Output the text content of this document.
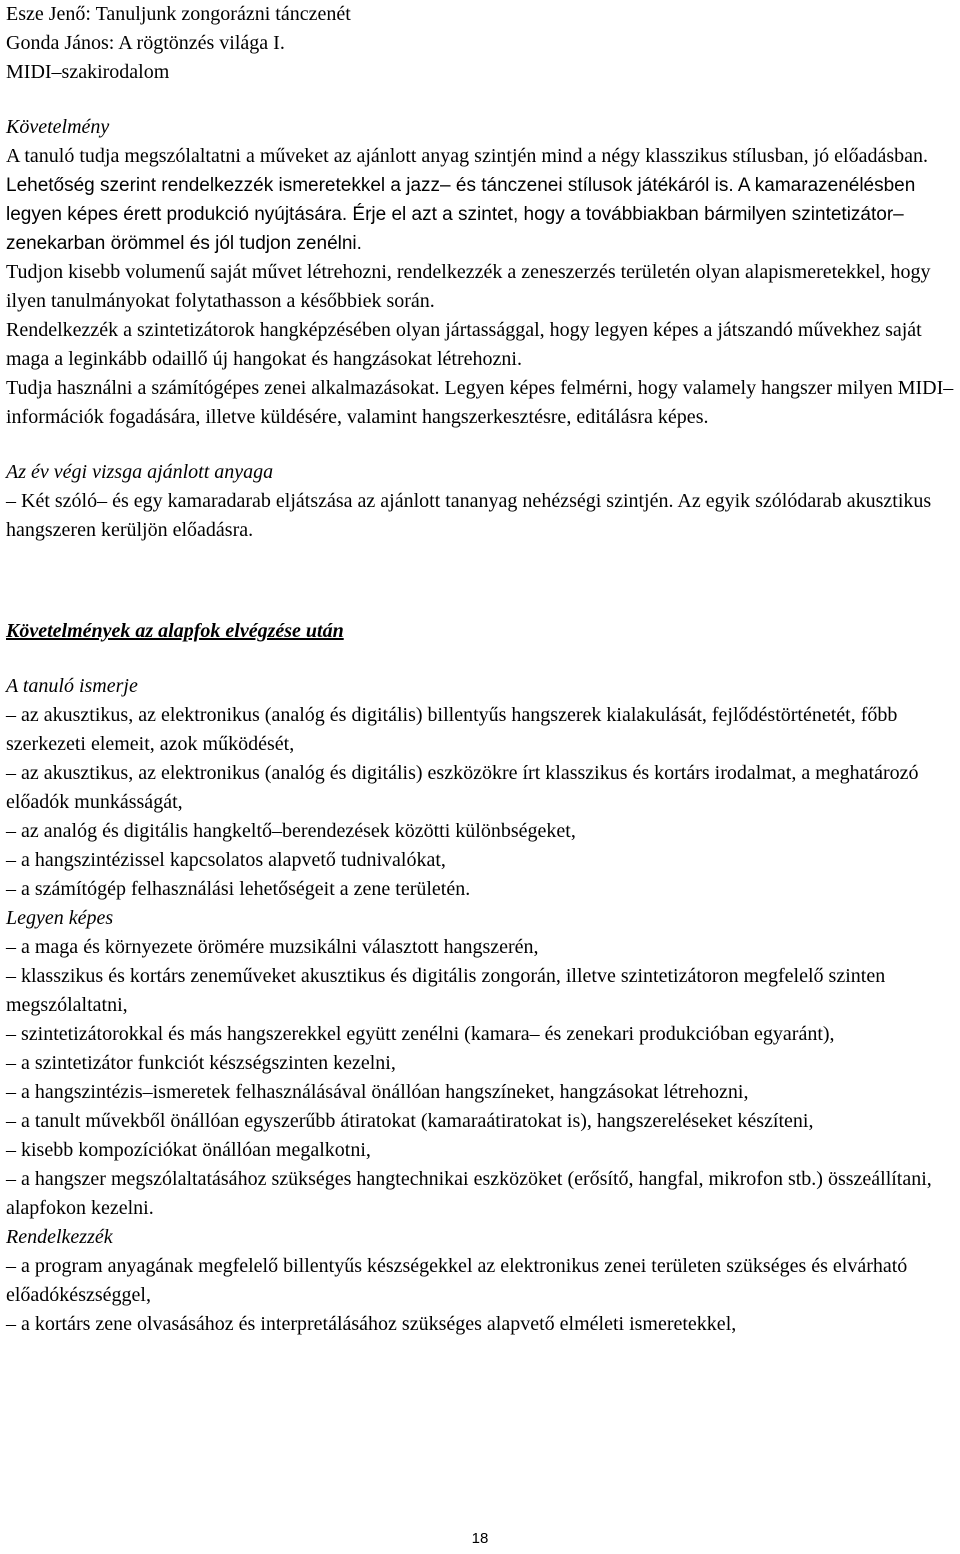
Esze Jenő: Tanuljunk zongorázni tánczenét

Gonda János: A rögtönzés világa I.

MIDI–szakirodalom

Követelmény

A tanuló tudja megszólaltatni a műveket az ajánlott anyag szintjén mind a négy klasszikus stílusban, jó előadásban. Lehetőség szerint rendelkezzék ismeretekkel a jazz– és tánczenei stílusok játékáról is. A kamarazenélésben legyen képes érett produkció nyújtására. Érje el azt a szintet, hogy a továbbiakban bármilyen szintetizátor–zenekarban örömmel és jól tudjon zenélni.

Tudjon kisebb volumenű saját művet létrehozni, rendelkezzék a zeneszerzés területén olyan alapismeretekkel, hogy ilyen tanulmányokat folytathasson a későbbiek során.

Rendelkezzék a szintetizátorok hangképzésében olyan jártassággal, hogy legyen képes a játszandó művekhez saját maga a leginkább odaillő új hangokat és hangzásokat létrehozni.

Tudja használni a számítógépes zenei alkalmazásokat. Legyen képes felmérni, hogy valamely hangszer milyen MIDI–információk fogadására, illetve küldésére, valamint hangszerkesztésre, editálásra képes.

Az év végi vizsga ajánlott anyaga

– Két szóló– és egy kamaradarab eljátszása az ajánlott tananyag nehézségi szintjén. Az egyik szólódarab akusztikus hangszeren kerüljön előadásra.

Követelmények az alapfok elvégzése után

A tanuló ismerje

– az akusztikus, az elektronikus (analóg és digitális) billentyűs hangszerek kialakulását, fejlődéstörténetét, főbb szerkezeti elemeit, azok működését,

– az akusztikus, az elektronikus (analóg és digitális) eszközökre írt klasszikus és kortárs irodalmat, a meghatározó előadók munkásságát,

– az analóg és digitális hangkeltő–berendezések közötti különbségeket,

– a hangszintézissel kapcsolatos alapvető tudnivalókat,

– a számítógép felhasználási lehetőségeit a zene területén.

Legyen képes

– a maga és környezete örömére muzsikálni választott hangszerén,

– klasszikus és kortárs zeneműveket akusztikus és digitális zongorán, illetve szintetizátoron megfelelő szinten megszólaltatni,

– szintetizátorokkal és más hangszerekkel együtt zenélni (kamara– és zenekari produkcióban egyaránt),

– a szintetizátor funkciót készségszinten kezelni,

– a hangszintézis–ismeretek felhasználásával önállóan hangszíneket, hangzásokat létrehozni,

– a tanult művekből önállóan egyszerűbb átiratokat (kamaraátiratokat is), hangszereléseket készíteni,

– kisebb kompozíciókat önállóan megalkotni,

– a hangszer megszólaltatásához szükséges hangtechnikai eszközöket (erősítő, hangfal, mikrofon stb.) összeállítani, alapfokon kezelni.

Rendelkezzék

– a program anyagának megfelelő billentyűs készségekkel az elektronikus zenei területen szükséges és elvárható előadókészséggel,

– a kortárs zene olvasásához és interpretálásához szükséges alapvető elméleti ismeretekkel,

18
